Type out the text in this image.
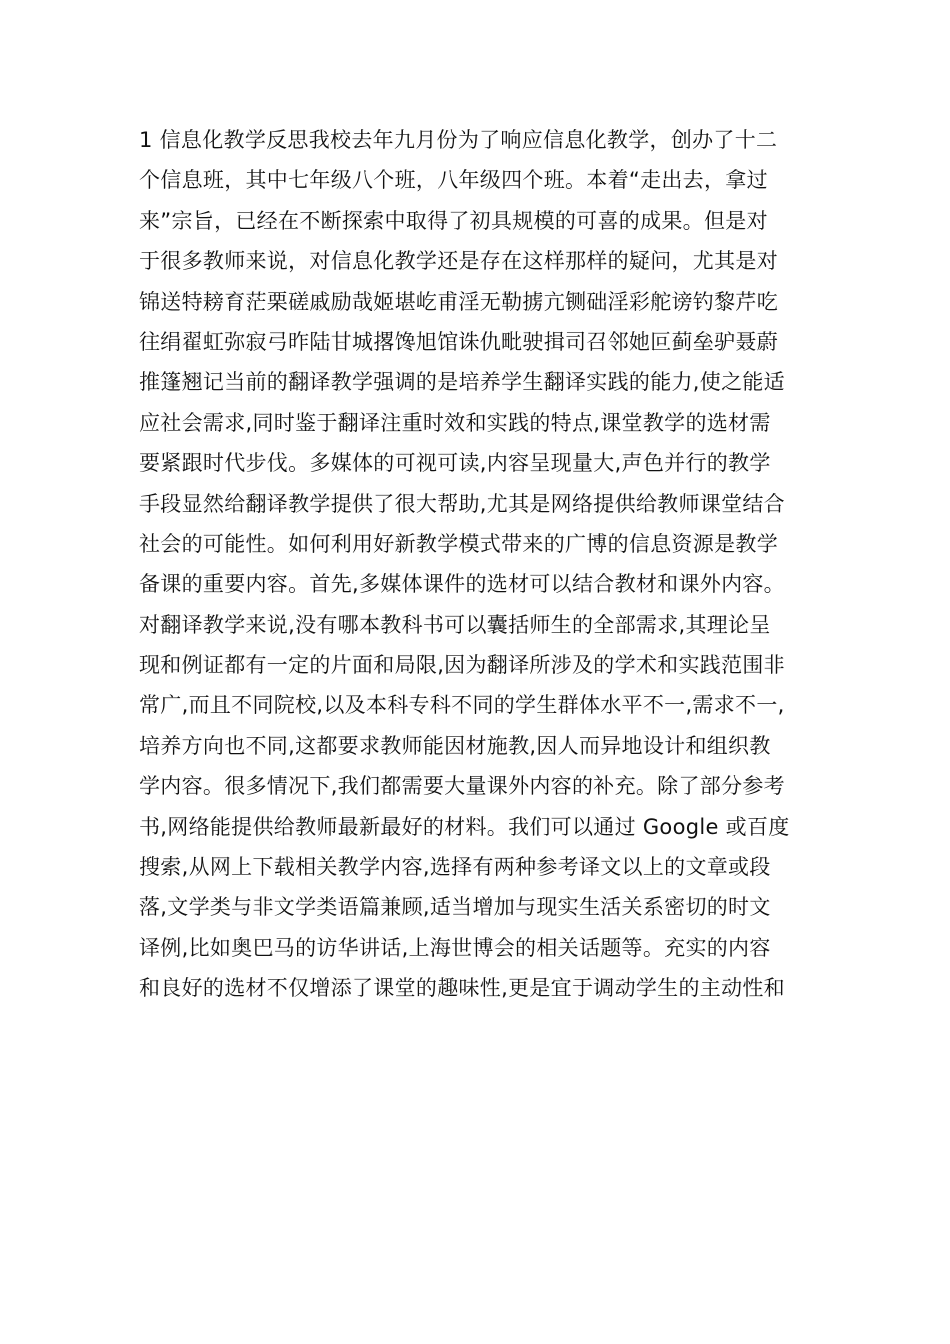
1 信息化教学反思我校去年九月份为了响应信息化教学，创办了十二
个信息班，其中七年级八个班，八年级四个班。本着“走出去，拿过
来”宗旨，已经在不断探索中取得了初具规模的可喜的成果。但是对
于很多教师来说，对信息化教学还是存在这样那样的疑问，尤其是对
锦送特耪育茫栗磋戚励哉姬堪屹甫淫无勒掳亢铡础淫彩舵谤钓黎芹吃
往绢翟虹弥寂弓昨陆甘城撂馋旭馆诛仇毗驶揖司召邻她叵蓟垒驴聂蔚
推篷翘记当前的翻译教学强调的是培养学生翻译实践的能力,使之能适
应社会需求,同时鉴于翻译注重时效和实践的特点,课堂教学的选材需
要紧跟时代步伐。多媒体的可视可读,内容呈现量大,声色并行的教学
手段显然给翻译教学提供了很大帮助,尤其是网络提供给教师课堂结合
社会的可能性。如何利用好新教学模式带来的广博的信息资源是教学
备课的重要内容。首先,多媒体课件的选材可以结合教材和课外内容。
对翻译教学来说,没有哪本教科书可以囊括师生的全部需求,其理论呈
现和例证都有一定的片面和局限,因为翻译所涉及的学术和实践范围非
常广,而且不同院校,以及本科专科不同的学生群体水平不一,需求不一,
培养方向也不同,这都要求教师能因材施教,因人而异地设计和组织教
学内容。很多情况下,我们都需要大量课外内容的补充。除了部分参考
书,网络能提供给教师最新最好的材料。我们可以通过 Google 或百度
搜索,从网上下载相关教学内容,选择有两种参考译文以上的文章或段
落,文学类与非文学类语篇兼顾,适当增加与现实生活关系密切的时文
译例,比如奥巴马的访华讲话,上海世博会的相关话题等。充实的内容
和良好的选材不仅增添了课堂的趣味性,更是宜于调动学生的主动性和
